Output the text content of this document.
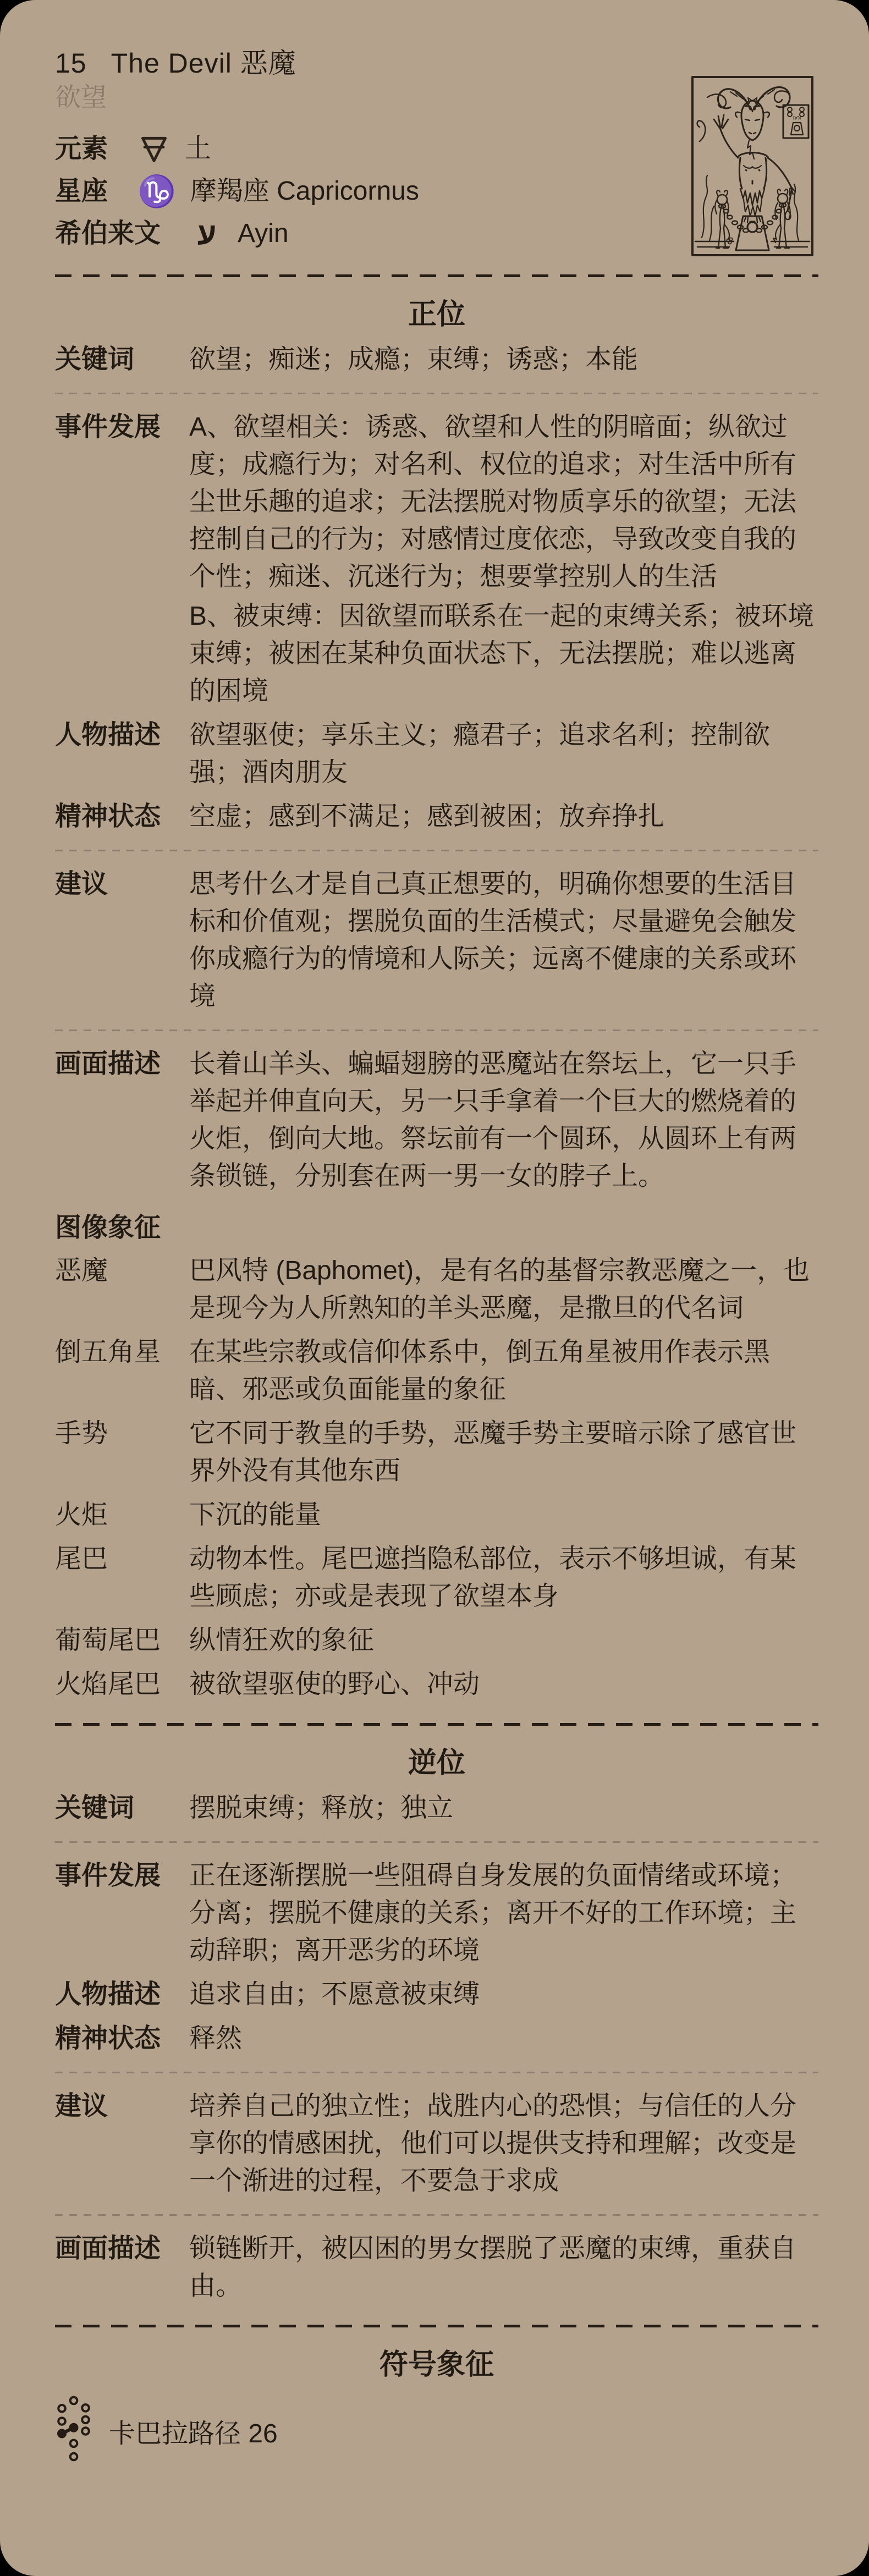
15 The Devil 恶魔
欲望
元素	土
星座 ♑ 摩羯座 Capricornus
希伯来文 ע Ayin
KAI
正位
关键词	欲望；痴迷；成瘾；束缚；诱惑；本能
事件发展	A、欲望相关：诱惑、欲望和人性的阴暗面；纵欲过度；成瘾行为；对名利、权位的追求；对生活中所有尘世乐趣的追求；无法摆脱对物质享乐的欲望；无法控制自己的行为；对感情过度依恋，导致改变自我的个性；痴迷、沉迷行为；想要掌控别人的生活
B、被束缚：因欲望而联系在一起的束缚关系；被环境束缚；被困在某种负面状态下，无法摆脱；难以逃离的困境
人物描述	欲望驱使；享乐主义；瘾君子；追求名利；控制欲强；酒肉朋友
精神状态	空虚；感到不满足；感到被困；放弃挣扎
建议	思考什么才是自己真正想要的，明确你想要的生活目标和价值观；摆脱负面的生活模式；尽量避免会触发你成瘾行为的情境和人际关；远离不健康的关系或环境
画面描述	长着山羊头、蝙蝠翅膀的恶魔站在祭坛上，它一只手举起并伸直向天，另一只手拿着一个巨大的燃烧着的火炬，倒向大地。祭坛前有一个圆环，从圆环上有两条锁链，分别套在两一男一女的脖子上。
图像象征
恶魔	巴风特 (Baphomet)，是有名的基督宗教恶魔之一，也是现今为人所熟知的羊头恶魔，是撒旦的代名词
倒五角星	在某些宗教或信仰体系中，倒五角星被用作表示黑暗、邪恶或负面能量的象征
手势	它不同于教皇的手势，恶魔手势主要暗示除了感官世界外没有其他东西
火炬	下沉的能量
尾巴	动物本性。尾巴遮挡隐私部位，表示不够坦诚，有某些顾虑；亦或是表现了欲望本身
葡萄尾巴	纵情狂欢的象征
火焰尾巴	被欲望驱使的野心、冲动
逆位
关键词	摆脱束缚；释放；独立
事件发展	正在逐渐摆脱一些阻碍自身发展的负面情绪或环境；分离；摆脱不健康的关系；离开不好的工作环境；主动辞职；离开恶劣的环境
人物描述	追求自由；不愿意被束缚
精神状态	释然
建议	培养自己的独立性；战胜内心的恐惧；与信任的人分享你的情感困扰，他们可以提供支持和理解；改变是一个渐进的过程，不要急于求成
画面描述	锁链断开，被囚困的男女摆脱了恶魔的束缚，重获自由。
符号象征
卡巴拉路径 26
